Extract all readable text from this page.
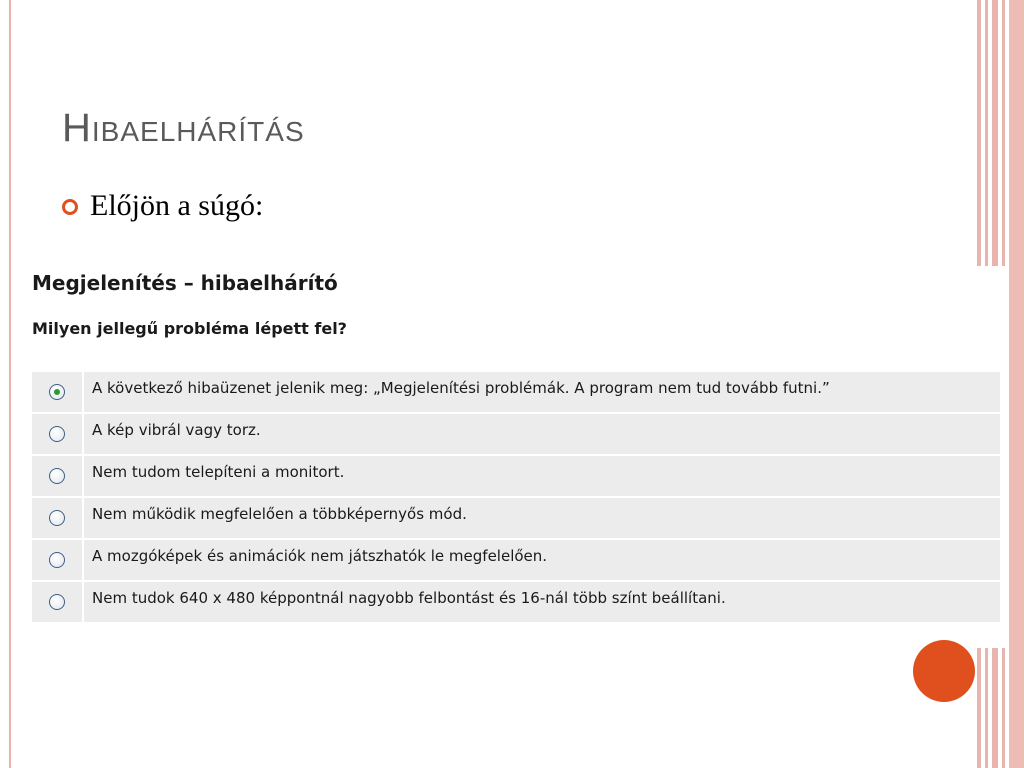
Hibaelhárítás
Előjön a súgó:
Megjelenítés – hibaelhárító

Milyen jellegű probléma lépett fel?

A következő hibaüzenet jelenik meg: „Megjelenítési problémák. A program nem tud tovább futni.”
A kép vibrál vagy torz.
Nem tudom telepíteni a monitort.
Nem működik megfelelően a többképernyős mód.
A mozgóképek és animációk nem játszhatók le megfelelően.
Nem tudok 640 x 480 képpontnál nagyobb felbontást és 16-nál több színt beállítani.
